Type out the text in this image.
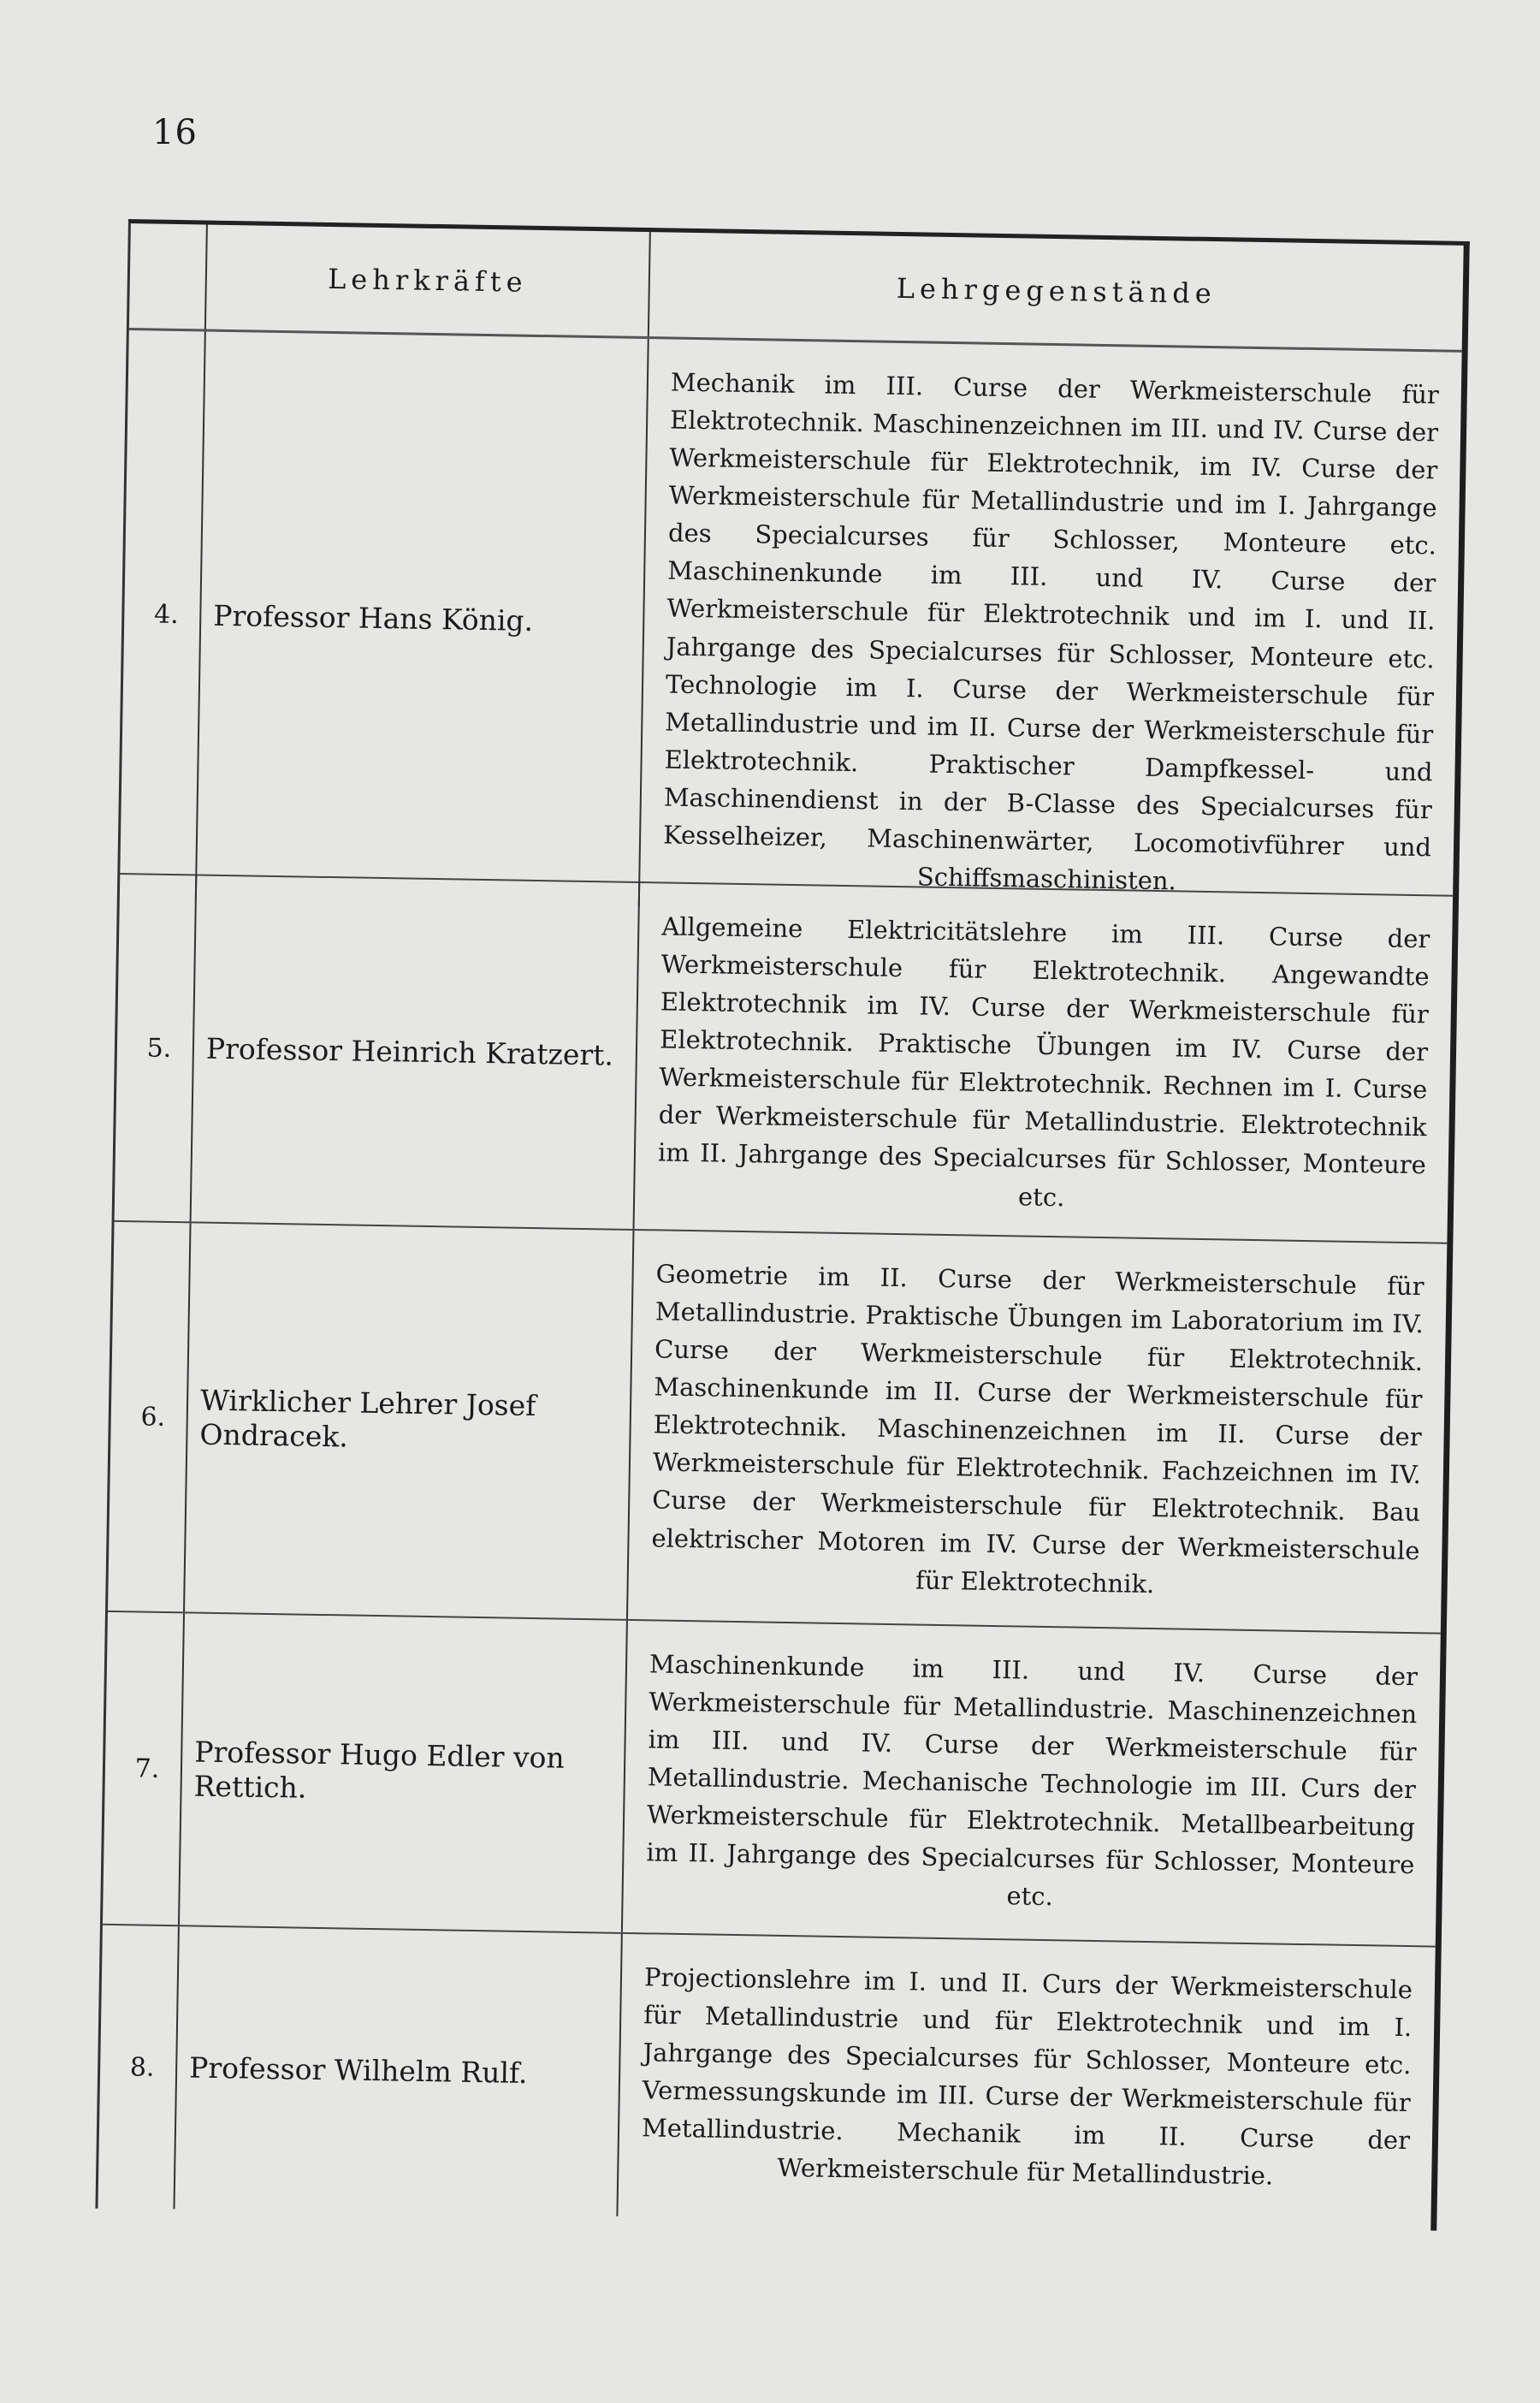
16
Lehrkräfte	Lehrgegenstände
4.	Professor Hans König.
Mechanik im III. Curse der Werkmeisterschule für Elektrotechnik. Maschinenzeichnen im III. und IV. Curse der Werkmeisterschule für Elektrotechnik, im IV. Curse der Werkmeisterschule für Metallindustrie und im I. Jahrgange des Specialcurses für Schlosser, Monteure etc. Maschinenkunde im III. und IV. Curse der Werkmeisterschule für Elektrotechnik und im I. und II. Jahrgange des Specialcurses für Schlosser, Monteure etc. Technologie im I. Curse der Werkmeisterschule für Metallindustrie und im II. Curse der Werkmeisterschule für Elektrotechnik. Praktischer Dampfkessel- und Maschinendienst in der B-Classe des Specialcurses für Kesselheizer, Maschinenwärter, Locomotivführer und Schiffsmaschinisten.
5.	Professor Heinrich Kratzert.
Allgemeine Elektricitätslehre im III. Curse der Werkmeisterschule für Elektrotechnik. Angewandte Elektrotechnik im IV. Curse der Werkmeisterschule für Elektrotechnik. Praktische Übungen im IV. Curse der Werkmeisterschule für Elektrotechnik. Rechnen im I. Curse der Werkmeisterschule für Metallindustrie. Elektrotechnik im II. Jahrgange des Specialcurses für Schlosser, Monteure etc.
6.	Wirklicher Lehrer Josef Ondracek.
Geometrie im II. Curse der Werkmeisterschule für Metallindustrie. Praktische Übungen im Laboratorium im IV. Curse der Werkmeisterschule für Elektrotechnik. Maschinenkunde im II. Curse der Werkmeisterschule für Elektrotechnik. Maschinenzeichnen im II. Curse der Werkmeisterschule für Elektrotechnik. Fachzeichnen im IV. Curse der Werkmeisterschule für Elektrotechnik. Bau elektrischer Motoren im IV. Curse der Werkmeisterschule für Elektrotechnik.
7.	Professor Hugo Edler von Rettich.
Maschinenkunde im III. und IV. Curse der Werkmeisterschule für Metallindustrie. Maschinenzeichnen im III. und IV. Curse der Werkmeisterschule für Metallindustrie. Mechanische Technologie im III. Curs der Werkmeisterschule für Elektrotechnik. Metallbearbeitung im II. Jahrgange des Specialcurses für Schlosser, Monteure etc.
8.	Professor Wilhelm Rulf.
Projectionslehre im I. und II. Curs der Werkmeisterschule für Metallindustrie und für Elektrotechnik und im I. Jahrgange des Specialcurses für Schlosser, Monteure etc. Vermessungskunde im III. Curse der Werkmeisterschule für Metallindustrie. Mechanik im II. Curse der Werkmeisterschule für Metallindustrie.
